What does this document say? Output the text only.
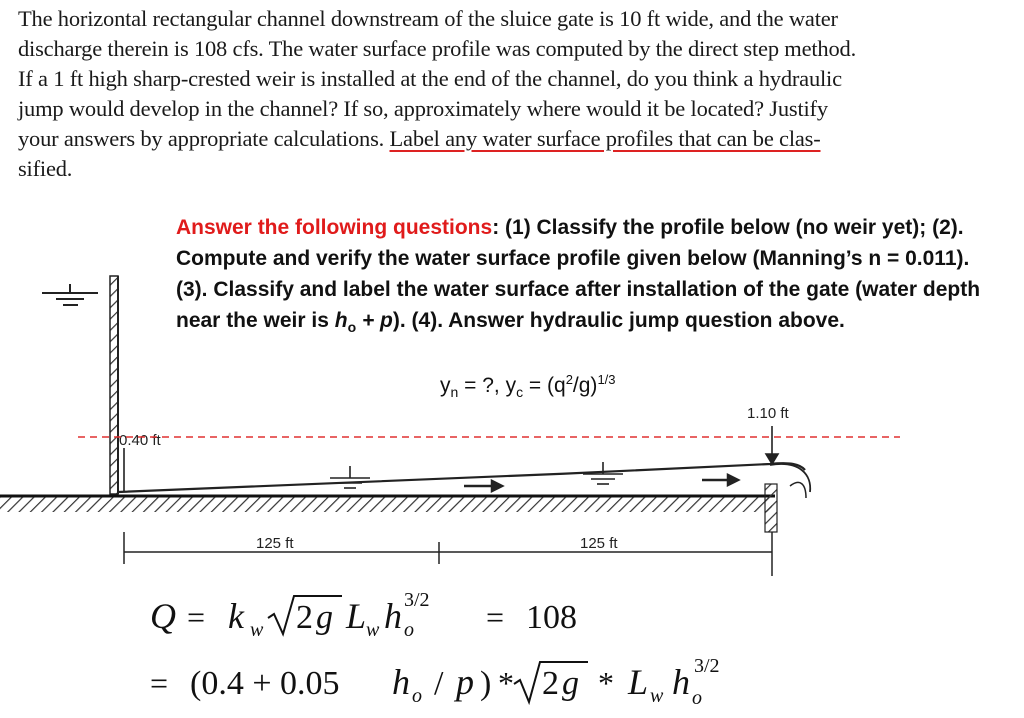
The horizontal rectangular channel downstream of the sluice gate is 10 ft wide, and the water

discharge therein is 108 cfs. The water surface profile was computed by the direct step method.

If a 1 ft high sharp-crested weir is installed at the end of the channel, do you think a hydraulic

jump would develop in the channel? If so, approximately where would it be located? Justify

your answers by appropriate calculations. Label any water surface profiles that can be clas-

sified.

Answer the following questions: (1) Classify the profile below (no weir yet); (2). Compute and verify the water surface profile given below (Manning’s n = 0.011). (3). Classify and label the water surface after installation of the gate (water depth near the weir is $h_o + p$). (4). Answer hydraulic jump question above.
$y_n$ = ?, $y_c = (q^2/g)^{1/3}$
0.40 ft
1.10 ft
125 ft	125 ft
Q = k w 2 g L w h o
3/2 = 108
= (0.4 + 0.05 h o / p ) * 2 g * L w h o
3/2
